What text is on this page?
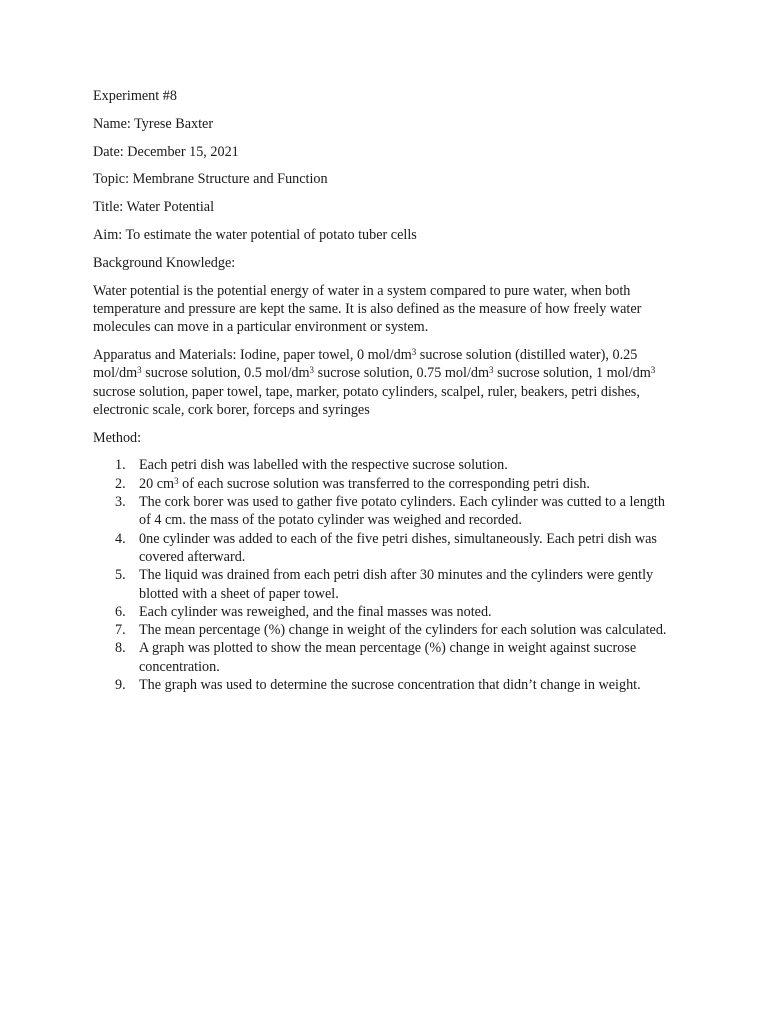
Experiment #8

Name: Tyrese Baxter

Date: December 15, 2021

Topic: Membrane Structure and Function

Title: Water Potential

Aim: To estimate the water potential of potato tuber cells

Background Knowledge:

Water potential is the potential energy of water in a system compared to pure water, when both temperature and pressure are kept the same. It is also defined as the measure of how freely water molecules can move in a particular environment or system.

Apparatus and Materials: Iodine, paper towel, 0 mol/$dm^3$ sucrose solution (distilled water), 0.25 mol/$dm^3$ sucrose solution, 0.5 mol/$dm^3$ sucrose solution, 0.75 mol/$dm^3$ sucrose solution, 1 mol/$dm^3$ sucrose solution, paper towel, tape, marker, potato cylinders, scalpel, ruler, beakers, petri dishes, electronic scale, cork borer, forceps and syringes

Method:

1. Each petri dish was labelled with the respective sucrose solution.
2. 20 $cm^3$ of each sucrose solution was transferred to the corresponding petri dish.
3. The cork borer was used to gather five potato cylinders. Each cylinder was cutted to a length of 4 cm. the mass of the potato cylinder was weighed and recorded.
4. 0ne cylinder was added to each of the five petri dishes, simultaneously. Each petri dish was covered afterward.
5. The liquid was drained from each petri dish after 30 minutes and the cylinders were gently blotted with a sheet of paper towel.
6. Each cylinder was reweighed, and the final masses was noted.
7. The mean percentage (%) change in weight of the cylinders for each solution was calculated.
8. A graph was plotted to show the mean percentage (%) change in weight against sucrose concentration.
9. The graph was used to determine the sucrose concentration that didn’t change in weight.
